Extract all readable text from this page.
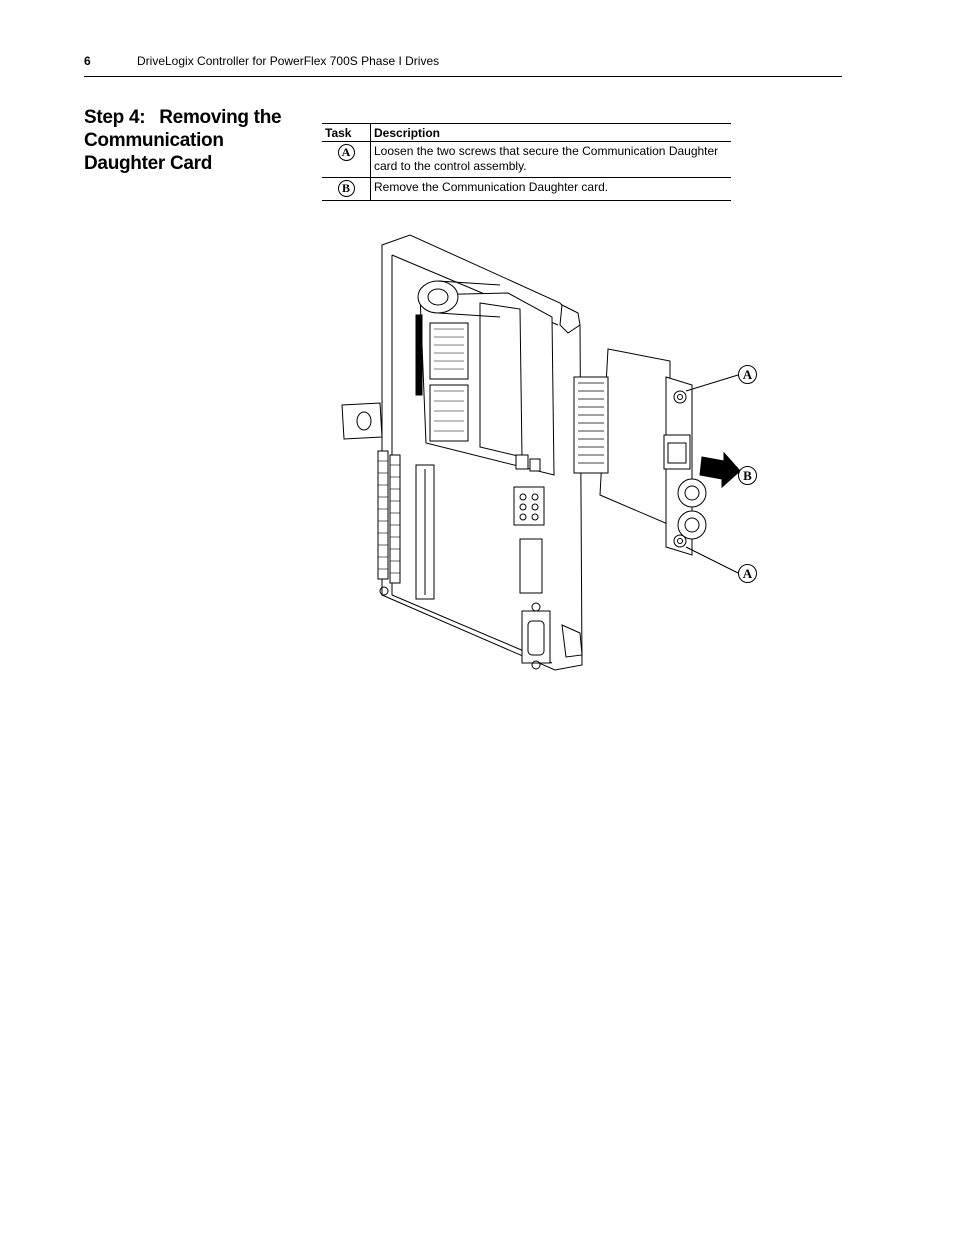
6	DriveLogix Controller for PowerFlex 700S Phase I Drives
Step 4: Removing the Communication Daughter Card
Task	Description
A	Loosen the two screws that secure the Communication Daughter card to the control assembly.
B	Remove the Communication Daughter card.
A
B
A
